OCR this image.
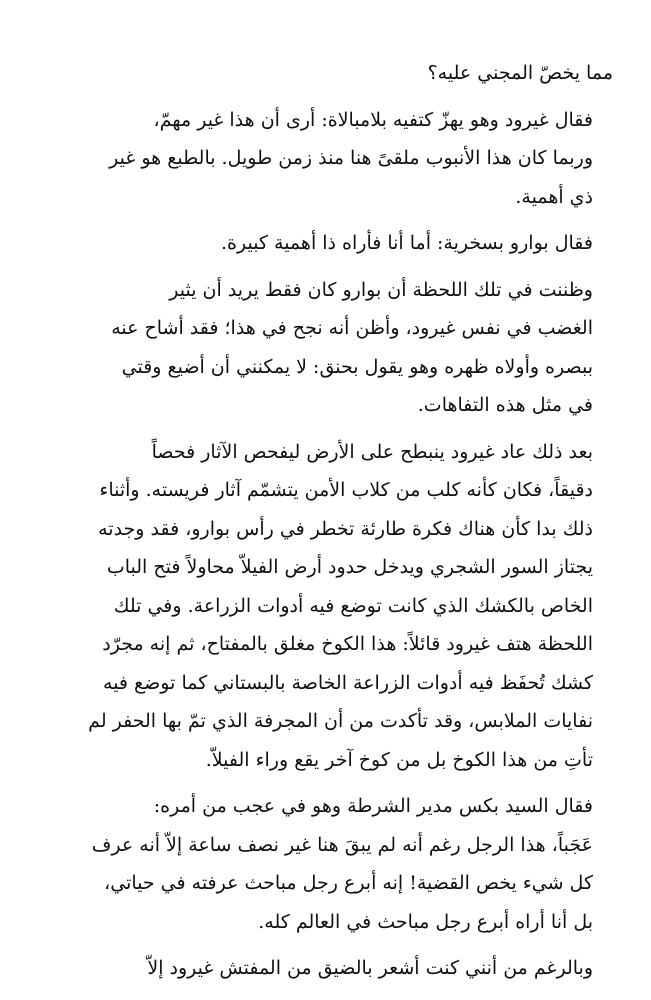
مما يخصّ المجني عليه؟

فقال غيرود وهو يهزّ كتفيه بلامبالاة: أرى أن هذا غير مهمّ،
وربما كان هذا الأنبوب ملقىً هنا منذ زمن طويل. بالطبع هو غير
ذي أهمية.

فقال بوارو بسخرية: أما أنا فأراه ذا أهمية كبيرة.

وظننت في تلك اللحظة أن بوارو كان فقط يريد أن يثير
الغضب في نفس غيرود، وأظن أنه نجح في هذا؛ فقد أشاح عنه
ببصره وأولاه ظهره وهو يقول بحنق: لا يمكنني أن أضيع وقتي
في مثل هذه التفاهات.

بعد ذلك عاد غيرود ينبطح على الأرض ليفحص الآثار فحصاً
دقيقاً، فكان كأنه كلب من كلاب الأمن يتشمّم آثار فريسته. وأثناء
ذلك بدا كأن هناك فكرة طارئة تخطر في رأس بوارو، فقد وجدته
يجتاز السور الشجري ويدخل حدود أرض الفيلاّ محاولاً فتح الباب
الخاص بالكشك الذي كانت توضع فيه أدوات الزراعة. وفي تلك
اللحظة هتف غيرود قائلاً: هذا الكوخ مغلق بالمفتاح، ثم إنه مجرّد
كشك تُحفَظ فيه أدوات الزراعة الخاصة بالبستاني كما توضع فيه
نفايات الملابس، وقد تأكدت من أن المجرفة الذي تمّ بها الحفر لم
تأتِ من هذا الكوخ بل من كوخ آخر يقع وراء الفيلاّ.

فقال السيد بكس مدير الشرطة وهو في عجب من أمره:
عَجَباً، هذا الرجل رغم أنه لم يبقَ هنا غير نصف ساعة إلاّ أنه عرف
كل شيء يخص القضية! إنه أبرع رجل مباحث عرفته في حياتي،
بل أنا أراه أبرع رجل مباحث في العالم كله.

وبالرغم من أنني كنت أشعر بالضيق من المفتش غيرود إلاّ
